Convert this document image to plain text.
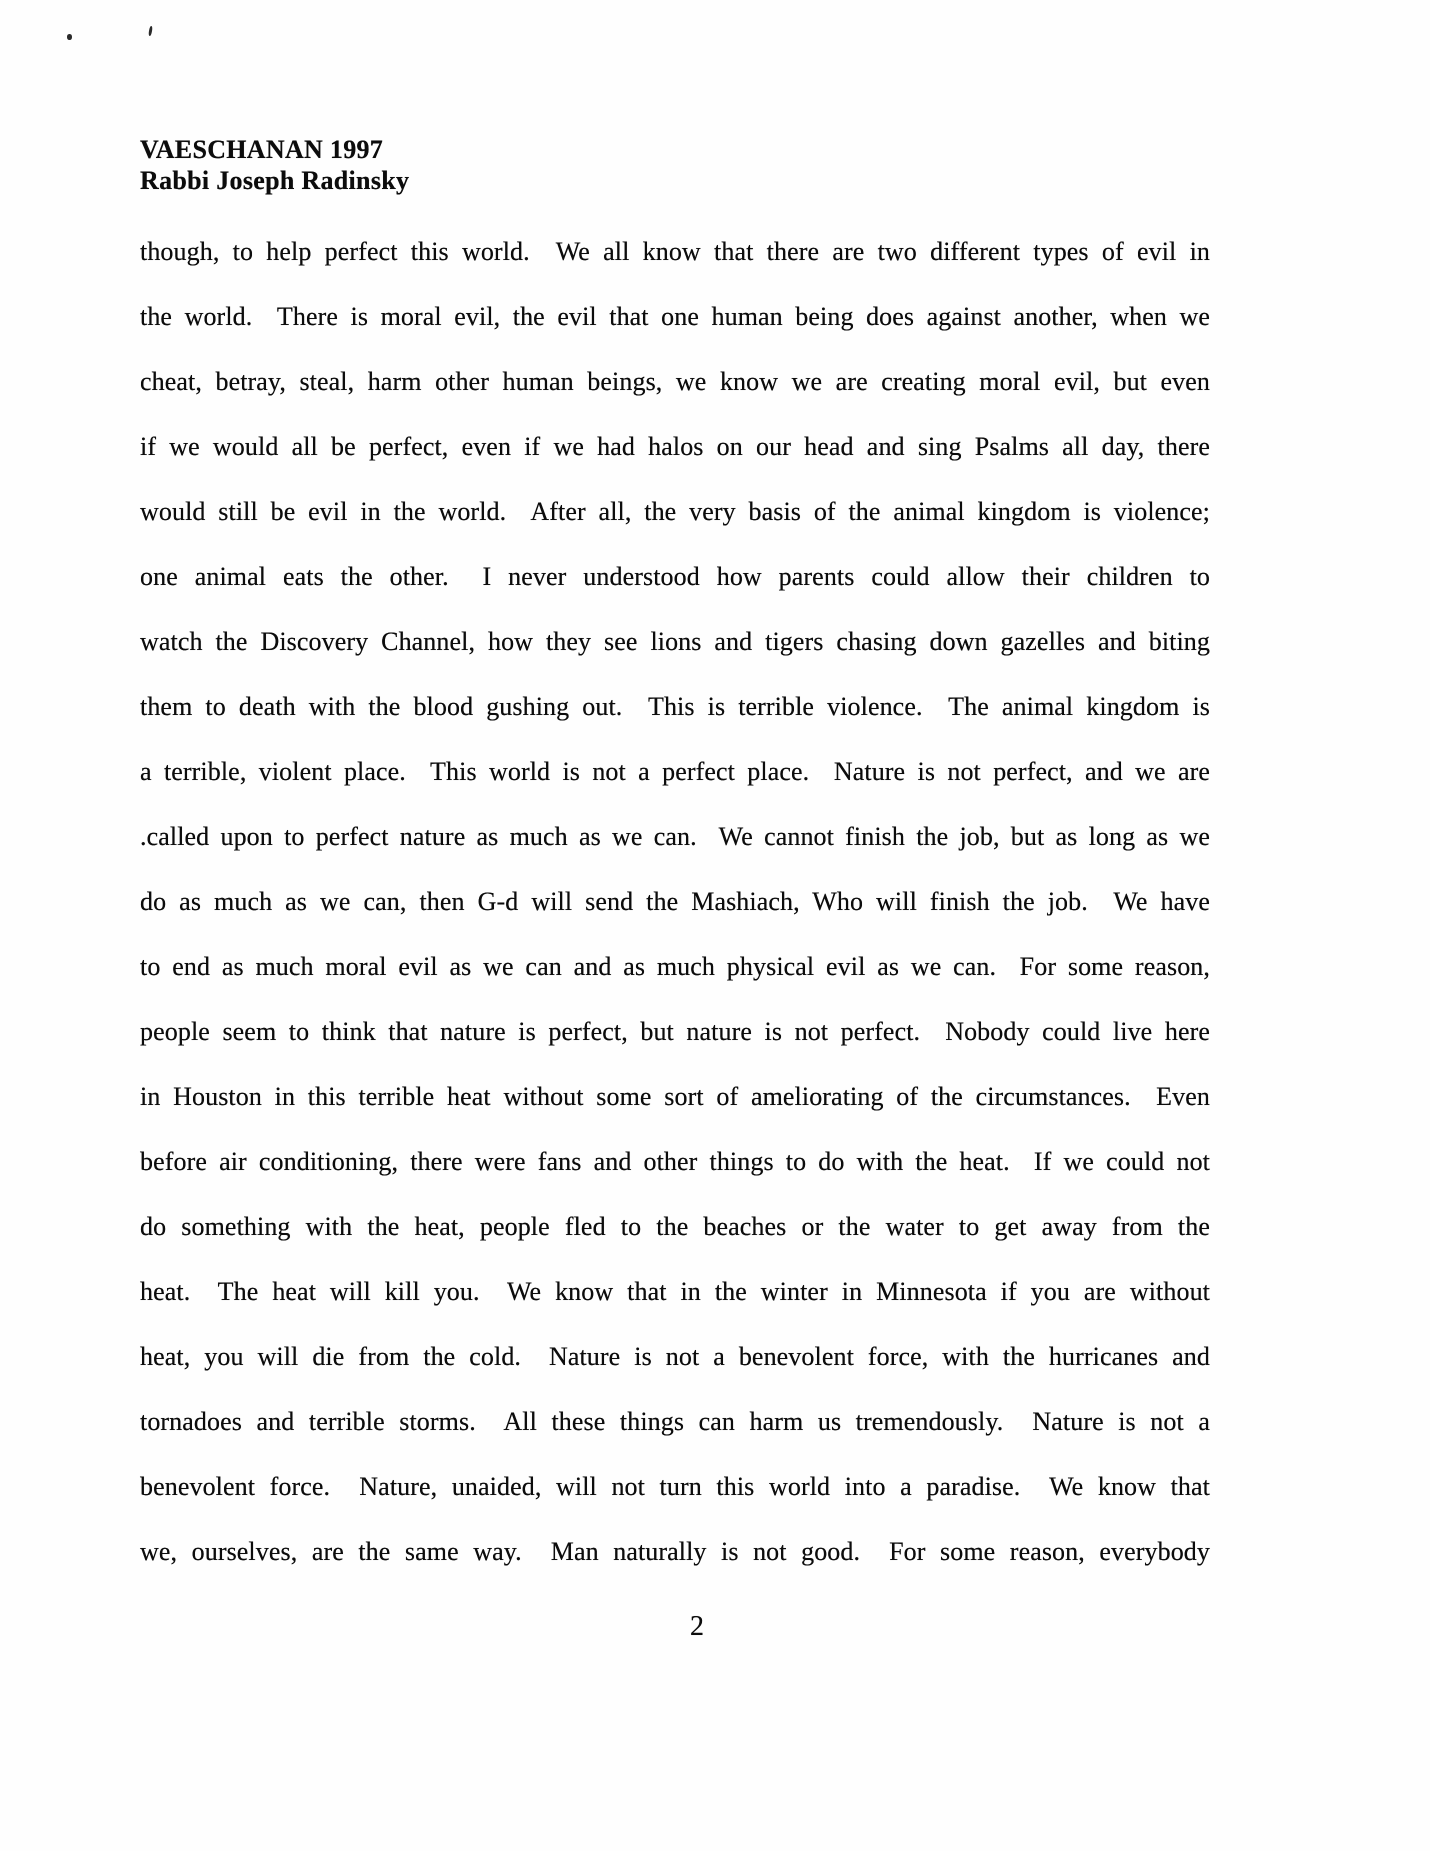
VAESCHANAN 1997
Rabbi Joseph Radinsky
though, to help perfect this world.  We all know that there are two different types of evil in
the world.  There is moral evil, the evil that one human being does against another, when we
cheat, betray, steal, harm other human beings, we know we are creating moral evil, but even
if we would all be perfect, even if we had halos on our head and sing Psalms all day, there
would still be evil in the world.  After all, the very basis of the animal kingdom is violence;
one animal eats the other.  I never understood how parents could allow their children to
watch the Discovery Channel, how they see lions and tigers chasing down gazelles and biting
them to death with the blood gushing out.  This is terrible violence.  The animal kingdom is
a terrible, violent place.  This world is not a perfect place.  Nature is not perfect, and we are
.called upon to perfect nature as much as we can.  We cannot finish the job, but as long as we
do as much as we can, then G-d will send the Mashiach, Who will finish the job.  We have
to end as much moral evil as we can and as much physical evil as we can.  For some reason,
people seem to think that nature is perfect, but nature is not perfect.  Nobody could live here
in Houston in this terrible heat without some sort of ameliorating of the circumstances.  Even
before air conditioning, there were fans and other things to do with the heat.  If we could not
do something with the heat, people fled to the beaches or the water to get away from the
heat.  The heat will kill you.  We know that in the winter in Minnesota if you are without
heat, you will die from the cold.  Nature is not a benevolent force, with the hurricanes and
tornadoes and terrible storms.  All these things can harm us tremendously.  Nature is not a
benevolent force.  Nature, unaided, will not turn this world into a paradise.  We know that
we, ourselves, are the same way.  Man naturally is not good.  For some reason, everybody
2
